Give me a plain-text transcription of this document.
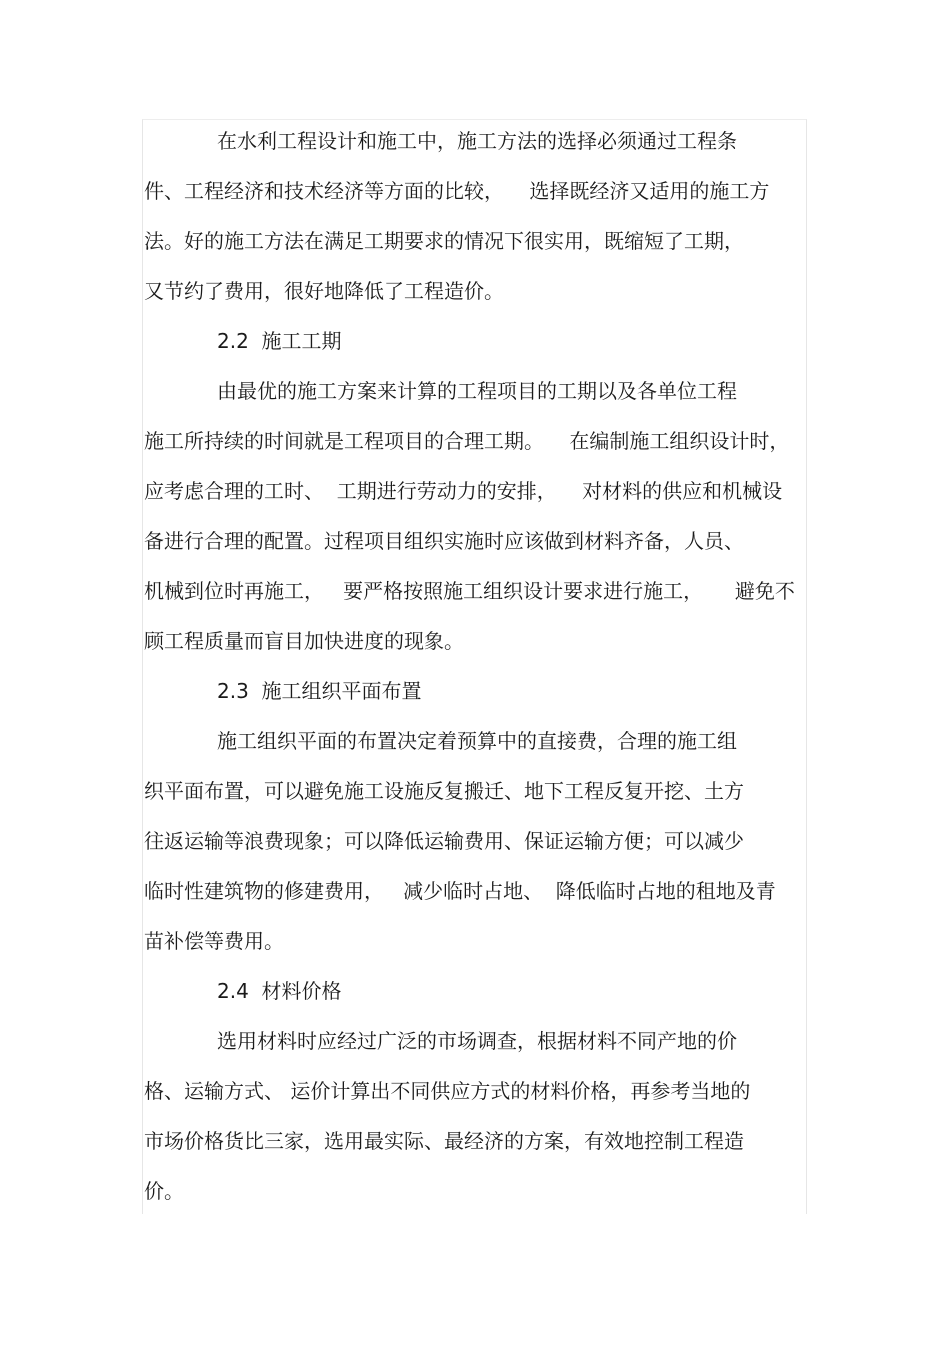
在水利工程设计和施工中，施工方法的选择必须通过工程条
件、工程经济和技术经济等方面的比较，    选择既经济又适用的施工方
法。好的施工方法在满足工期要求的情况下很实用，既缩短了工期，
又节约了费用，很好地降低了工程造价。
2.2  施工工期
由最优的施工方案来计算的工程项目的工期以及各单位工程
施工所持续的时间就是工程项目的合理工期。    在编制施工组织设计时，
应考虑合理的工时、  工期进行劳动力的安排，    对材料的供应和机械设
备进行合理的配置。过程项目组织实施时应该做到材料齐备，人员、
机械到位时再施工，   要严格按照施工组织设计要求进行施工，     避免不
顾工程质量而盲目加快进度的现象。
2.3  施工组织平面布置
施工组织平面的布置决定着预算中的直接费，合理的施工组
织平面布置，可以避免施工设施反复搬迁、地下工程反复开挖、土方
往返运输等浪费现象；可以降低运输费用、保证运输方便；可以减少
临时性建筑物的修建费用，   减少临时占地、  降低临时占地的租地及青
苗补偿等费用。
2.4  材料价格
选用材料时应经过广泛的市场调查，根据材料不同产地的价
格、运输方式、 运价计算出不同供应方式的材料价格，再参考当地的
市场价格货比三家，选用最实际、最经济的方案，有效地控制工程造
价。
